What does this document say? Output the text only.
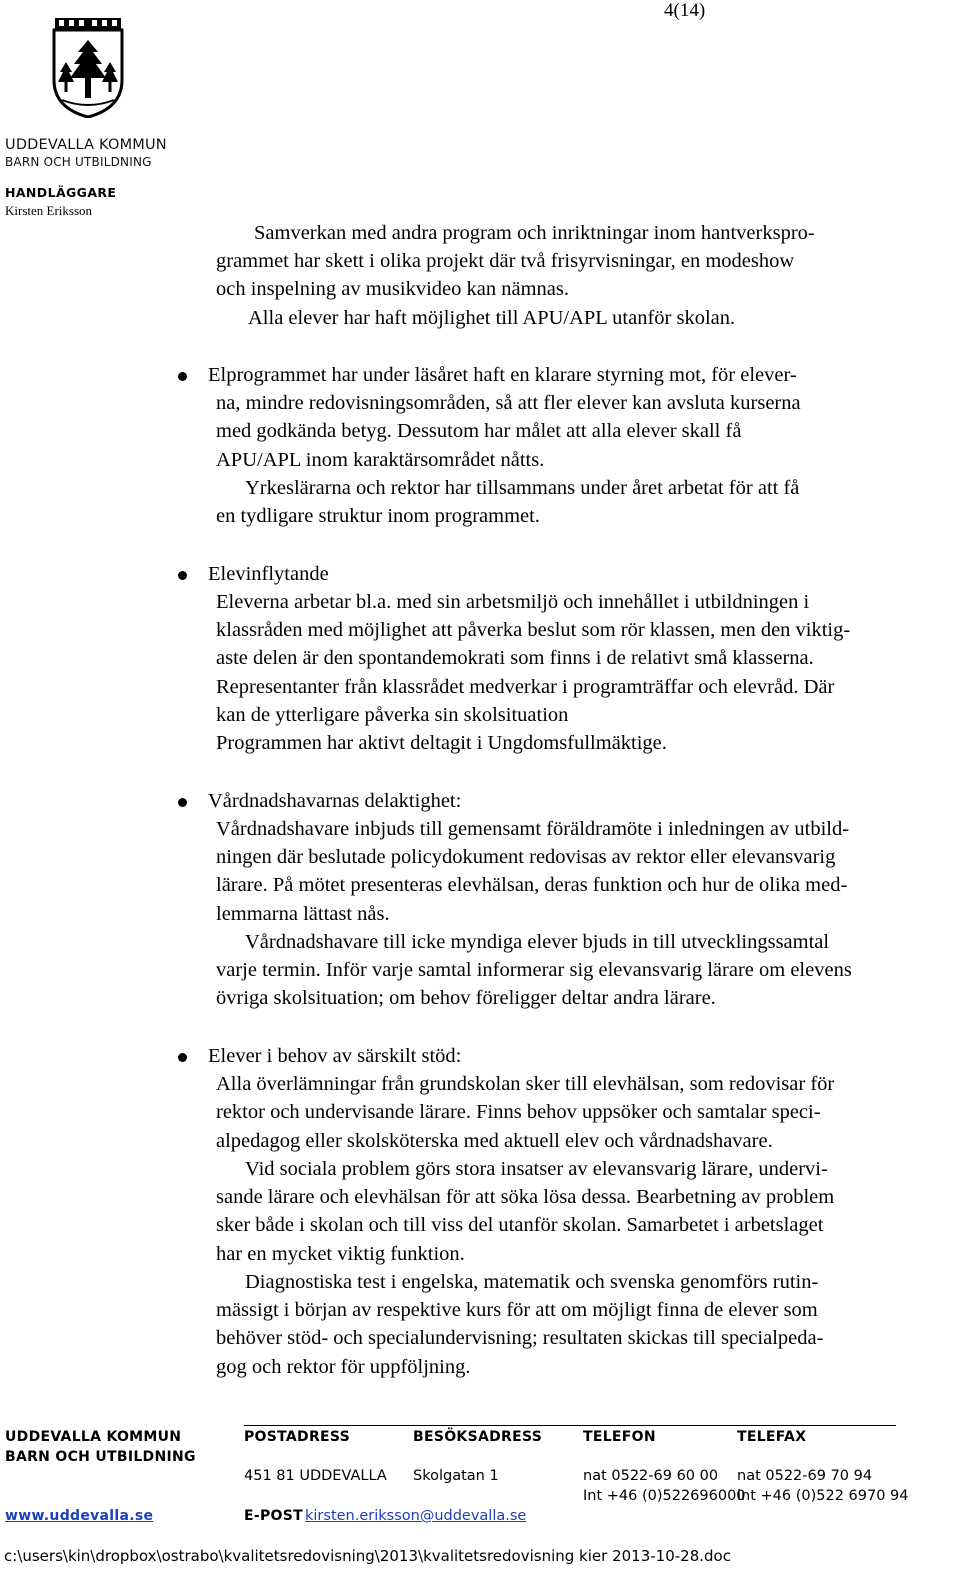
4(14)
UDDEVALLA KOMMUN
BARN OCH UTBILDNING
HANDLÄGGARE
Kirsten Eriksson
Samverkan med andra program och inriktningar inom hantverkspro-
grammet har skett i olika projekt där två frisyrvisningar, en modeshow
och inspelning av musikvideo kan nämnas.
Alla elever har haft möjlighet till APU/APL utanför skolan.
Elprogrammet har under läsåret haft en klarare styrning mot, för elever-
na, mindre redovisningsområden, så att fler elever kan avsluta kurserna
med godkända betyg. Dessutom har målet att alla elever skall få
APU/APL inom karaktärsområdet nåtts.
Yrkeslärarna och rektor har tillsammans under året arbetat för att få
en tydligare struktur inom programmet.
Elevinflytande
Eleverna arbetar bl.a. med sin arbetsmiljö och innehållet i utbildningen i
klassråden med möjlighet att påverka beslut som rör klassen, men den viktig-
aste delen är den spontandemokrati som finns i de relativt små klasserna.
Representanter från klassrådet medverkar i programträffar och elevråd. Där
kan de ytterligare påverka sin skolsituation
Programmen har aktivt deltagit i Ungdomsfullmäktige.
Vårdnadshavarnas delaktighet:
Vårdnadshavare inbjuds till gemensamt föräldramöte i inledningen av utbild-
ningen där beslutade policydokument redovisas av rektor eller elevansvarig
lärare. På mötet presenteras elevhälsan, deras funktion och hur de olika med-
lemmarna lättast nås.
Vårdnadshavare till icke myndiga elever bjuds in till utvecklingssamtal
varje termin. Inför varje samtal informerar sig elevansvarig lärare om elevens
övriga skolsituation; om behov föreligger deltar andra lärare.
Elever i behov av särskilt stöd:
Alla överlämningar från grundskolan sker till elevhälsan, som redovisar för
rektor och undervisande lärare. Finns behov uppsöker och samtalar speci-
alpedagog eller skolsköterska med aktuell elev och vårdnadshavare.
Vid sociala problem görs stora insatser av elevansvarig lärare, undervi-
sande lärare och elevhälsan för att söka lösa dessa. Bearbetning av problem
sker både i skolan och till viss del utanför skolan. Samarbetet i arbetslaget
har en mycket viktig funktion.
Diagnostiska test i engelska, matematik och svenska genomförs rutin-
mässigt i början av respektive kurs för att om möjligt finna de elever som
behöver stöd- och specialundervisning; resultaten skickas till specialpeda-
gog och rektor för uppföljning.
UDDEVALLA KOMMUN
BARN OCH UTBILDNING
www.uddevalla.se
POSTADRESS
451 81 UDDEVALLA
BESÖKSADRESS
Skolgatan 1
TELEFON
nat 0522-69 60 00
Int +46 (0)522696000
TELEFAX
nat 0522-69 70 94
int +46 (0)522 6970 94
E-POST kirsten.eriksson@uddevalla.se
c:\users\kin\dropbox\ostrabo\kvalitetsredovisning\2013\kvalitetsredovisning kier 2013-10-28.doc
